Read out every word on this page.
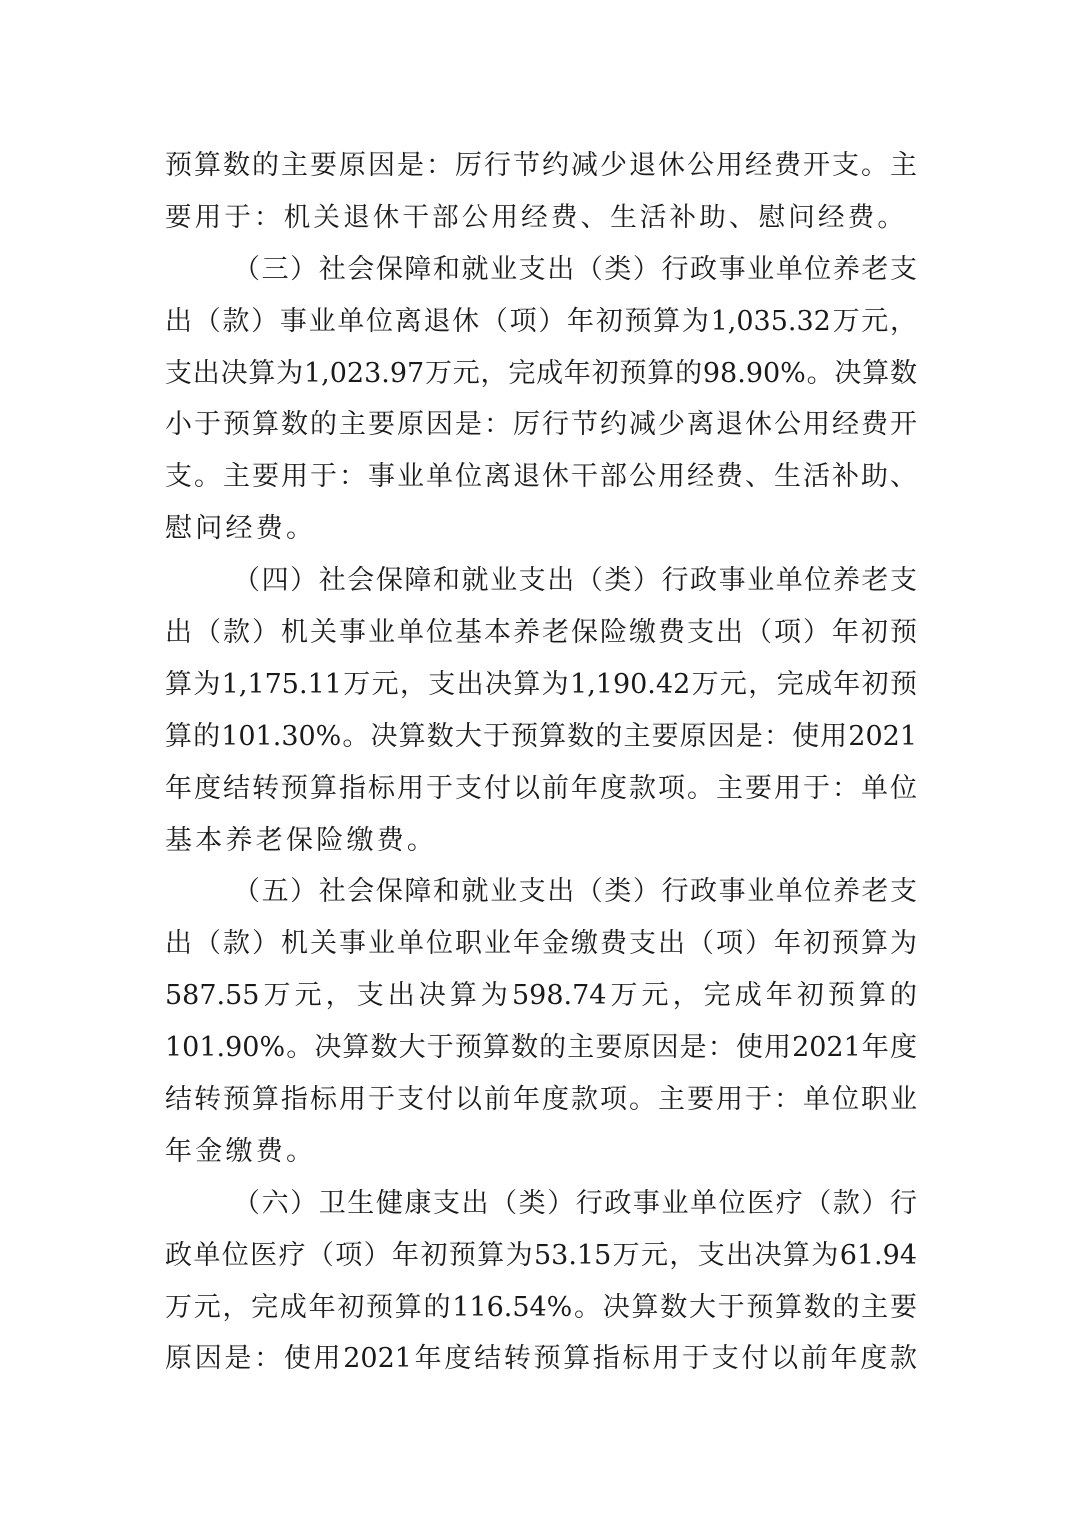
预算数的主要原因是：厉行节约减少退休公用经费开支。主
要用于：机关退休干部公用经费、生活补助、慰问经费。
（三）社会保障和就业支出（类）行政事业单位养老支
出（款）事业单位离退休（项）年初预算为1,035.32万元，
支出决算为1,023.97万元，完成年初预算的98.90%。决算数
小于预算数的主要原因是：厉行节约减少离退休公用经费开
支。主要用于：事业单位离退休干部公用经费、生活补助、
慰问经费。
（四）社会保障和就业支出（类）行政事业单位养老支
出（款）机关事业单位基本养老保险缴费支出（项）年初预
算为1,175.11万元，支出决算为1,190.42万元，完成年初预
算的101.30%。决算数大于预算数的主要原因是：使用2021
年度结转预算指标用于支付以前年度款项。主要用于：单位
基本养老保险缴费。
（五）社会保障和就业支出（类）行政事业单位养老支
出（款）机关事业单位职业年金缴费支出（项）年初预算为
587.55万元，支出决算为598.74万元，完成年初预算的
101.90%。决算数大于预算数的主要原因是：使用2021年度
结转预算指标用于支付以前年度款项。主要用于：单位职业
年金缴费。
（六）卫生健康支出（类）行政事业单位医疗（款）行
政单位医疗（项）年初预算为53.15万元，支出决算为61.94
万元，完成年初预算的116.54%。决算数大于预算数的主要
原因是：使用2021年度结转预算指标用于支付以前年度款
